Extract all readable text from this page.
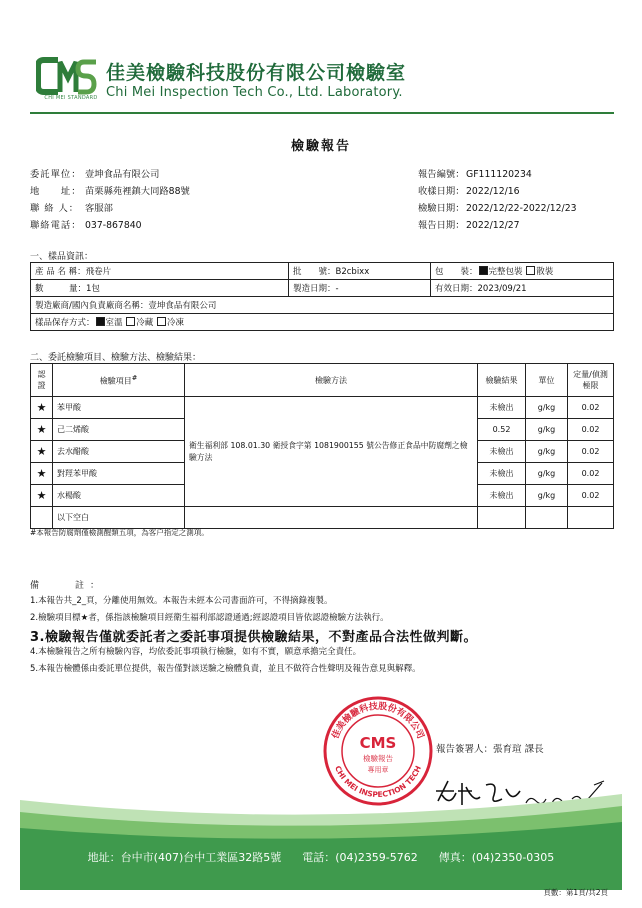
CHI MEI STANDARD
佳美檢驗科技股份有限公司檢驗室
Chi Mei Inspection Tech Co., Ltd. Laboratory.
檢驗報告
委託單位： 壹坤食品有限公司
地　　址： 苗栗縣苑裡鎮大同路88號
聯 絡 人： 客服部
聯絡電話： 037-867840
報告編號： GF111120234
收樣日期： 2022/12/16
檢驗日期： 2022/12/22-2022/12/23
報告日期： 2022/12/27
一、樣品資訊：
產 品 名 稱：飛卷片	批　　號：B2cbixx	包　　裝： 完整包裝 散裝
數　　　量：1包	製造日期：-	有效日期：2023/09/21
製造廠商/國內負責廠商名稱：壹坤食品有限公司		
樣品保存方式： 室溫 冷藏 冷凍		
二、委託檢驗項目、檢驗方法、檢驗結果：
認證	檢驗項目#	檢驗方法	檢驗結果	單位	定量/偵測極限
★	苯甲酸	衛生福利部 108.01.30 衛授食字第 1081900155 號公告修正食品中防腐劑之檢驗方法	未檢出	g/kg	0.02
★	己二烯酸		0.52	g/kg	0.02
★	去水醋酸		未檢出	g/kg	0.02
★	對羥苯甲酸		未檢出	g/kg	0.02
★	水楊酸		未檢出	g/kg	0.02
	以下空白				
#本報告防腐劑僅檢測醒類五項，為客户指定之測項。
備　　註：
1.本報告共_2_頁，分離使用無效。本報告未經本公司書面許可，不得摘錄複製。
2.檢驗項目標★者，係指該檢驗項目經衛生福利部認證通過;經認證項目皆依認證檢驗方法執行。
3.檢驗報告僅就委託者之委託事項提供檢驗結果，不對產品合法性做判斷。
4.本檢驗報告之所有檢驗內容，均依委託事項執行檢驗，如有不實，願意承擔完全責任。
5.本報告檢體係由委託單位提供，報告僅對該送驗之檢體負責，並且不做符合性聲明及報告意見與解釋。
佳美檢驗科技股份有限公司
CHI MEI INSPECTION TECH
CMS
檢驗報告
專用章
報告簽署人：張育瑄 課長
地址：台中市(407)台中工業區32路5號 電話：(04)2359-5762 傳真：(04)2350-0305
頁數：第1頁/共2頁
